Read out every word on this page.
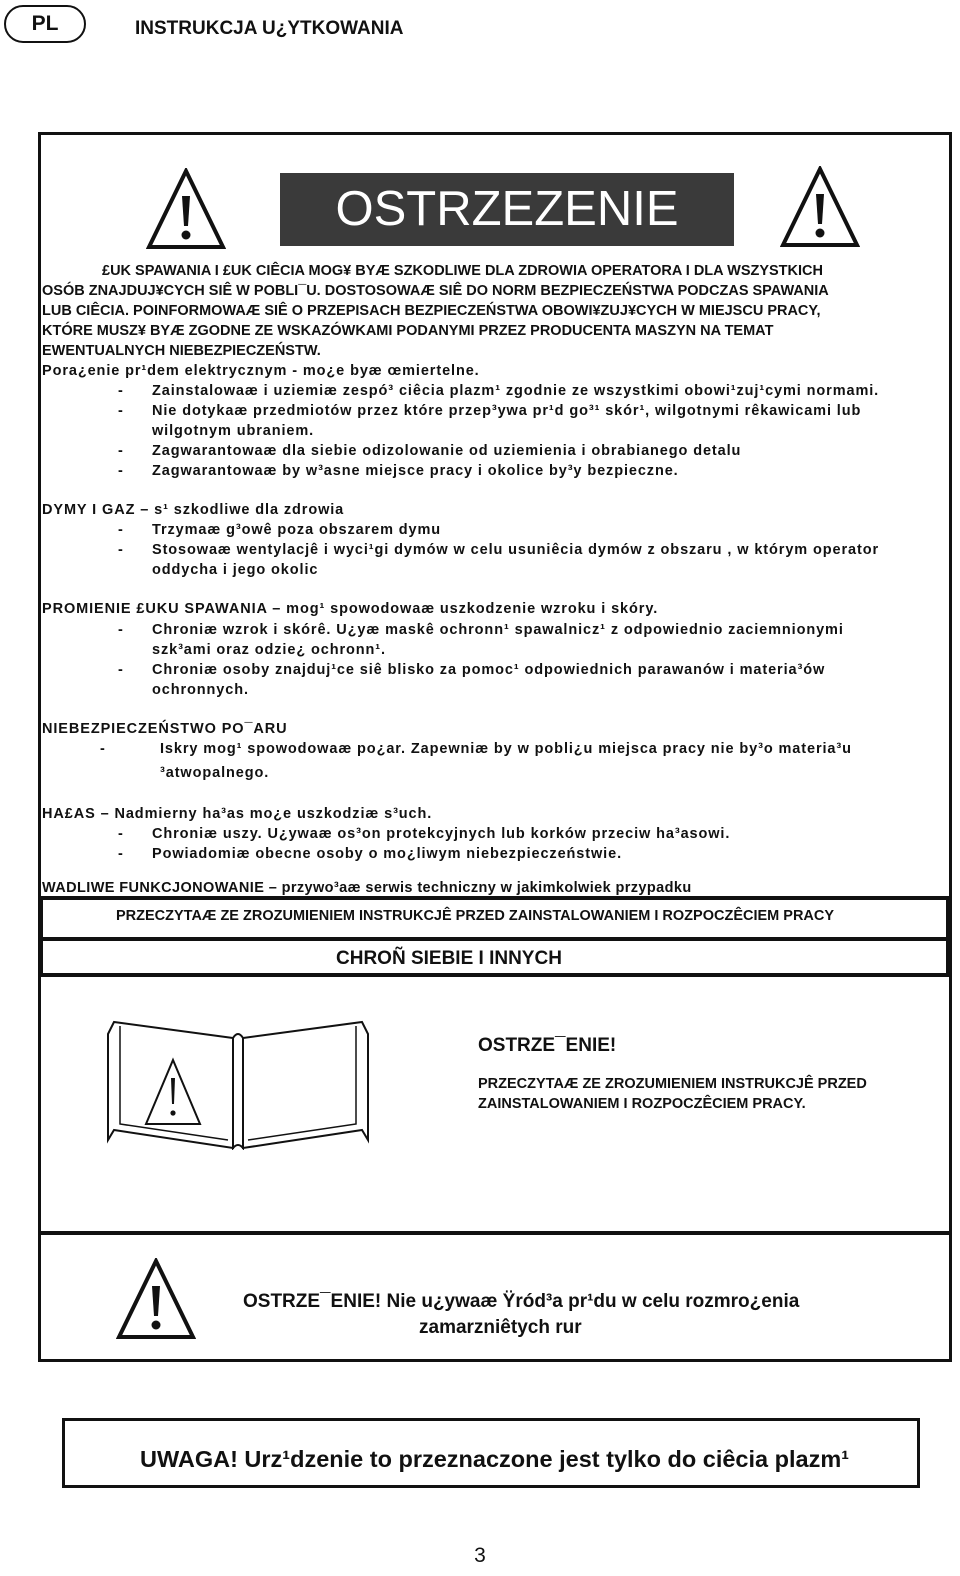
PL	INSTRUKCJA U¿YTKOWANIA
OSTRZEZENIE
£UK SPAWANIA I £UK CIÊCIA MOG¥ BYÆ SZKODLIWE DLA ZDROWIA OPERATORA I DLA WSZYSTKICH
OSÓB ZNAJDUJ¥CYCH SIÊ W POBLI¯U. DOSTOSOWAÆ SIÊ DO NORM BEZPIECZEŃSTWA PODCZAS SPAWANIA
LUB CIÊCIA. POINFORMOWAÆ SIÊ O PRZEPISACH BEZPIECZEŃSTWA OBOWI¥ZUJ¥CYCH W MIEJSCU PRACY,
KTÓRE MUSZ¥ BYÆ ZGODNE ZE WSKAZÓWKAMI PODANYMI PRZEZ PRODUCENTA MASZYN NA TEMAT
EWENTUALNYCH NIEBEZPIECZEŃSTW.
Pora¿enie pr¹dem elektrycznym - mo¿e byæ œmiertelne.
- Zainstalowaæ i uziemiæ zespó³ ciêcia plazm¹ zgodnie ze wszystkimi obowi¹zuj¹cymi normami.
- Nie dotykaæ przedmiotów przez które przep³ywa pr¹d go³¹ skór¹, wilgotnymi rêkawicami lub
wilgotnym ubraniem.
- Zagwarantowaæ dla siebie odizolowanie od uziemienia i obrabianego detalu
- Zagwarantowaæ by w³asne miejsce pracy i okolice by³y bezpieczne.
DYMY I GAZ – s¹ szkodliwe dla zdrowia
- Trzymaæ g³owê poza obszarem dymu
- Stosowaæ wentylacjê i wyci¹gi dymów w celu usuniêcia dymów z obszaru , w którym operator
oddycha i jego okolic
PROMIENIE £UKU SPAWANIA – mog¹ spowodowaæ uszkodzenie wzroku i skóry.
- Chroniæ wzrok i skórê. U¿yæ maskê ochronn¹ spawalnicz¹ z odpowiednio zaciemnionymi
szk³ami oraz odzie¿ ochronn¹.
- Chroniæ osoby znajduj¹ce siê blisko za pomoc¹ odpowiednich parawanów i materia³ów
ochronnych.
NIEBEZPIECZEŃSTWO PO¯ARU
-	Iskry mog¹ spowodowaæ po¿ar. Zapewniæ by w pobli¿u miejsca pracy nie by³o materia³u
³atwopalnego.
HA£AS – Nadmierny ha³as mo¿e uszkodziæ s³uch.
- Chroniæ uszy. U¿ywaæ os³on protekcyjnych lub korków przeciw ha³asowi.
- Powiadomiæ obecne osoby o mo¿liwym niebezpieczeństwie.
WADLIWE FUNKCJONOWANIE – przywo³aæ serwis techniczny w jakimkolwiek przypadku
PRZECZYTAÆ ZE ZROZUMIENIEM INSTRUKCJÊ PRZED ZAINSTALOWANIEM I ROZPOCZÊCIEM PRACY
CHROÑ SIEBIE I INNYCH
OSTRZE¯ENIE!
PRZECZYTAÆ ZE ZROZUMIENIEM INSTRUKCJÊ PRZED
ZAINSTALOWANIEM I ROZPOCZÊCIEM PRACY.
OSTRZE¯ENIE! Nie u¿ywaæ Ÿród³a pr¹du w celu rozmro¿enia
zamarzniêtych rur
UWAGA! Urz¹dzenie to przeznaczone jest tylko do ciêcia plazm¹
3
